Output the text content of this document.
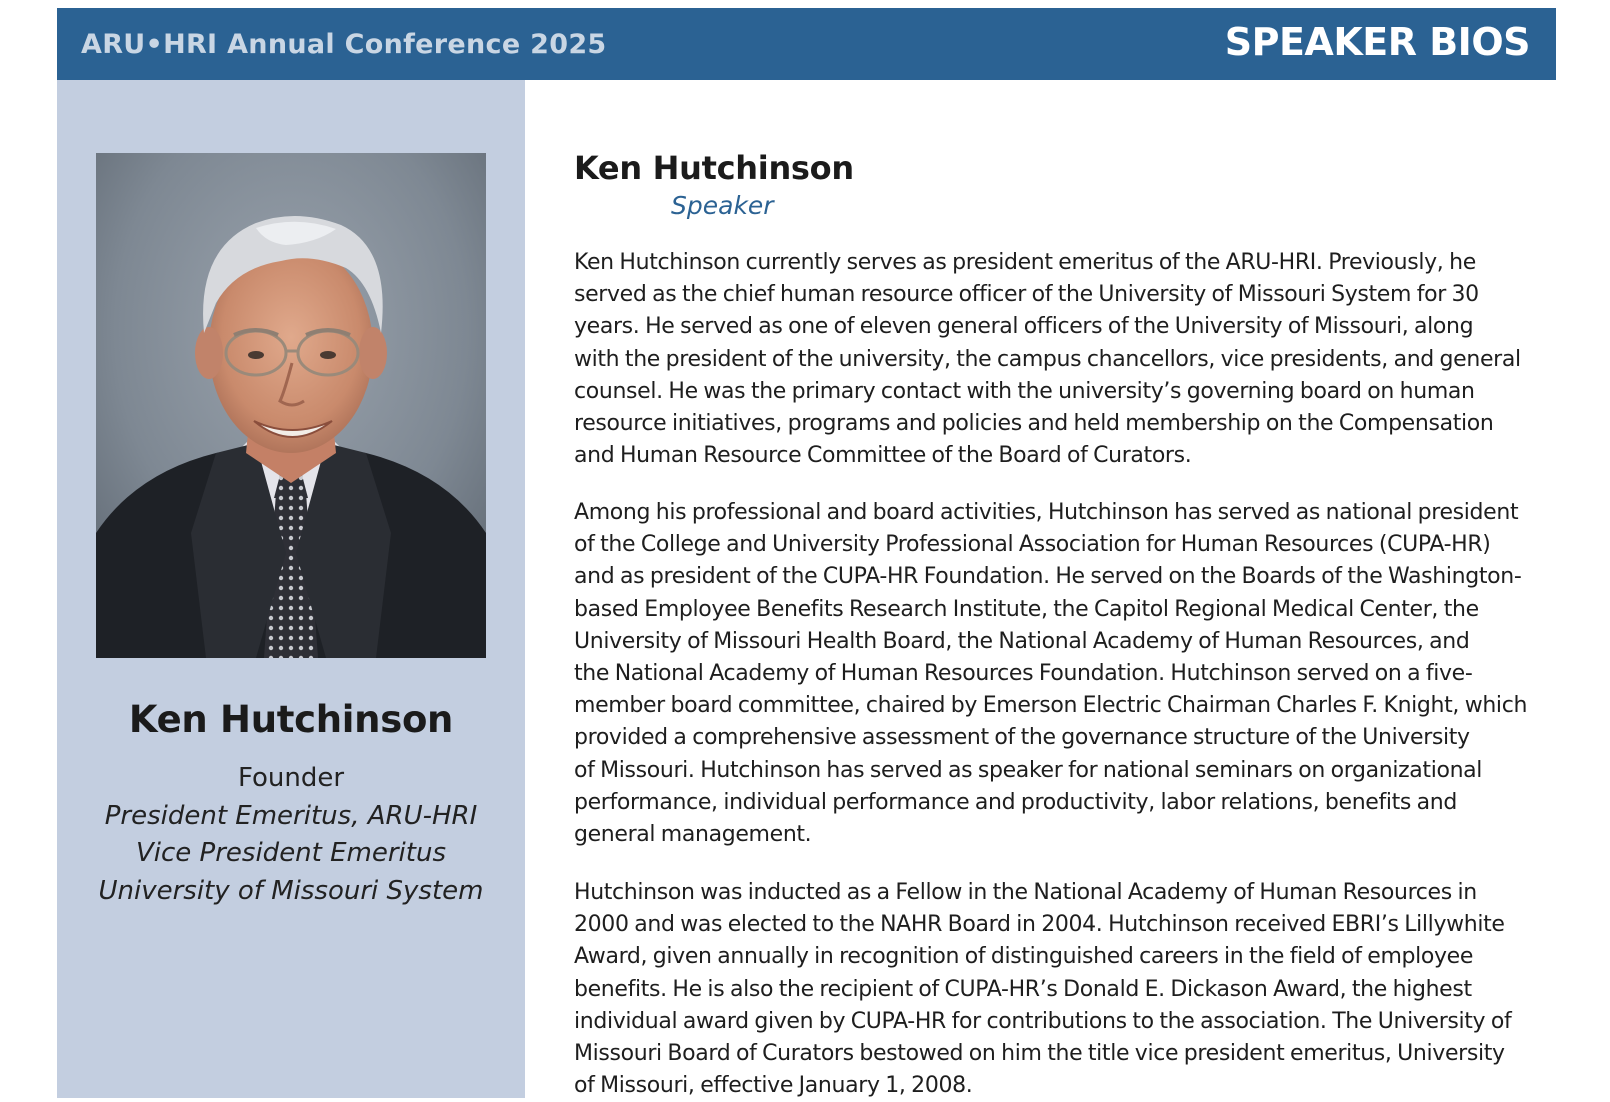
ARU•HRI Annual Conference 2025	SPEAKER BIOS
Ken Hutchinson
Founder
President Emeritus, ARU-HRI
Vice President Emeritus
University of Missouri System
Ken Hutchinson
Speaker

Ken Hutchinson currently serves as president emeritus of the ARU-HRI. Previously, he
served as the chief human resource officer of the University of Missouri System for 30
years. He served as one of eleven general officers of the University of Missouri, along
with the president of the university, the campus chancellors, vice presidents, and general
counsel. He was the primary contact with the university’s governing board on human
resource initiatives, programs and policies and held membership on the Compensation
and Human Resource Committee of the Board of Curators.

Among his professional and board activities, Hutchinson has served as national president
of the College and University Professional Association for Human Resources (CUPA-HR)
and as president of the CUPA-HR Foundation. He served on the Boards of the Washington-
based Employee Benefits Research Institute, the Capitol Regional Medical Center, the
University of Missouri Health Board, the National Academy of Human Resources, and
the National Academy of Human Resources Foundation. Hutchinson served on a five-
member board committee, chaired by Emerson Electric Chairman Charles F. Knight, which
provided a comprehensive assessment of the governance structure of the University
of Missouri. Hutchinson has served as speaker for national seminars on organizational
performance, individual performance and productivity, labor relations, benefits and
general management.

Hutchinson was inducted as a Fellow in the National Academy of Human Resources in
2000 and was elected to the NAHR Board in 2004. Hutchinson received EBRI’s Lillywhite
Award, given annually in recognition of distinguished careers in the field of employee
benefits. He is also the recipient of CUPA-HR’s Donald E. Dickason Award, the highest
individual award given by CUPA-HR for contributions to the association. The University of
Missouri Board of Curators bestowed on him the title vice president emeritus, University
of Missouri, effective January 1, 2008.
